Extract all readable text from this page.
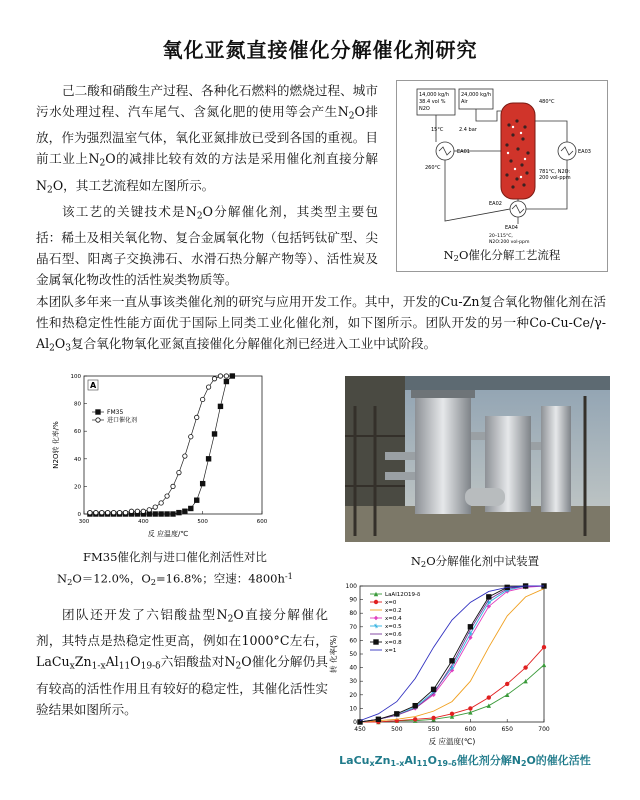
氧化亚氮直接催化分解催化剂研究
己二酸和硝酸生产过程、各种化石燃料的燃烧过程、城市污水处理过程、汽车尾气、含氮化肥的使用等会产生$N_2O$排放，作为强烈温室气体，氧化亚氮排放已受到各国的重视。目前工业上$N_2O$的减排比较有效的方法是采用催化剂直接分解$N_2O$，其工艺流程如左图所示。
该工艺的关键技术是$N_2O$分解催化剂，其类型主要包括：稀土及相关氧化物、复合金属氧化物（包括钙钛矿型、尖晶石型、阳离子交换沸石、水滑石热分解产物等）、活性炭及金属氧化物改性的活性炭类物质等。
14,000 kg/h
38.4 vol %
N2O
24,000 kg/h
Air
15°C	2.4 bar
480°C
EA01
260°C
EA03
781°C, N2O:
200 vol-ppm
EA02
EA04
20–115°C,
N2O:200 vol-ppm
$N_2O$催化分解工艺流程
本团队多年来一直从事该类催化剂的研究与应用开发工作。其中，开发的Cu-Zn复合氧化物催化剂在活性和热稳定性性能方面优于国际上同类工业化催化剂，如下图所示。团队开发的另一种$Co-Cu-Ce/\gamma-Al_2O_3$复合氧化物氧化亚氮直接催化分解催化剂已经进入工业中试阶段。
300	400	500	600
0
20
40
60
80
100
A
FM35
进口催化剂
反 应温度/℃
N2O转 化率/%
FM35催化剂与进口催化剂活性对比
$N_2O=12.0\%$，$O_2=16.8\%$；空速：$4800h^{-1}$
$N_2O$分解催化剂中试装置
团队还开发了六铝酸盐型$N_2O$直接分解催化剂，其特点是热稳定性更高，例如在1000°C左右，$LaCu_xZn_{1-x}Al_{11}O_{19-\delta}$六铝酸盐对$N_2O$催化分解仍具有较高的活性作用且有较好的稳定性，其催化活性实验结果如图所示。
450	500	550	600	650	700
0
10
20
30
40
50
60
70
80
90
100
LaAl12O19-δ
x=0
x=0.2
x=0.4
x=0.5
x=0.6
x=0.8
x=1
反 应温度(℃)
转 化率(%)
$LaCu_xZn_{1-x}Al_{11}O_{19-\delta}$催化剂分解$N_2O$的催化活性
